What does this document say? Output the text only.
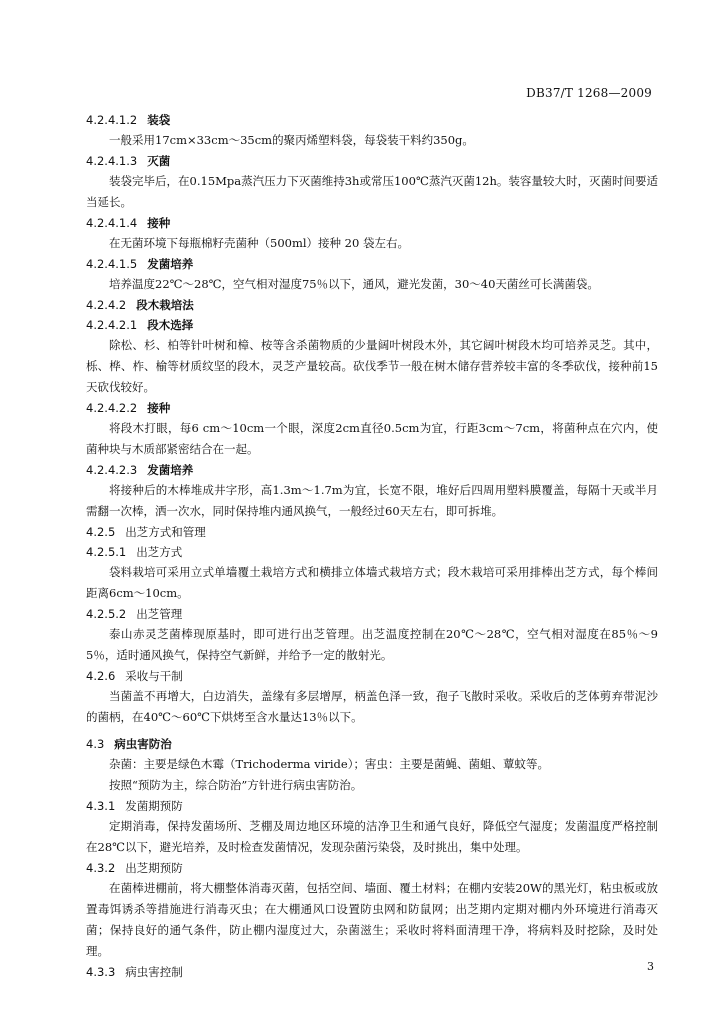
DB37/T 1268—2009
4.2.4.1.2 装袋
一般采用17cm×33cm～35cm的聚丙烯塑料袋，每袋装干料约350g。
4.2.4.1.3 灭菌
装袋完毕后，在0.15Mpa蒸汽压力下灭菌维持3h或常压100℃蒸汽灭菌12h。装容量较大时，灭菌时间要适当延长。
4.2.4.1.4 接种
在无菌环境下每瓶棉籽壳菌种（500ml）接种 20 袋左右。
4.2.4.1.5 发菌培养
培养温度22℃～28℃，空气相对湿度75％以下，通风，避光发菌，30～40天菌丝可长满菌袋。
4.2.4.2 段木栽培法
4.2.4.2.1 段木选择
除松、杉、柏等针叶树和樟、桉等含杀菌物质的少量阔叶树段木外，其它阔叶树段木均可培养灵芝。其中，栎、桦、柞、榆等材质纹坚的段木，灵芝产量较高。砍伐季节一般在树木储存营养较丰富的冬季砍伐，接种前15天砍伐较好。
4.2.4.2.2 接种
将段木打眼，每6 cm～10cm一个眼，深度2cm直径0.5cm为宜，行距3cm～7cm，将菌种点在穴内，使菌种块与木质部紧密结合在一起。
4.2.4.2.3 发菌培养
将接种后的木棒堆成井字形，高1.3m～1.7m为宜，长宽不限，堆好后四周用塑料膜覆盖，每隔十天或半月需翻一次棒，洒一次水，同时保持堆内通风换气，一般经过60天左右，即可拆堆。
4.2.5 出芝方式和管理
4.2.5.1 出芝方式
袋料栽培可采用立式单墙覆土栽培方式和横排立体墙式栽培方式；段木栽培可采用排棒出芝方式，每个棒间距离6cm～10cm。
4.2.5.2 出芝管理
泰山赤灵芝菌棒现原基时，即可进行出芝管理。出芝温度控制在20℃～28℃，空气相对湿度在85％～95％，适时通风换气，保持空气新鲜，并给予一定的散射光。
4.2.6 采收与干制
当菌盖不再增大，白边消失，盖缘有多层增厚，柄盖色泽一致，孢子飞散时采收。采收后的芝体剪弃带泥沙的菌柄，在40℃～60℃下烘烤至含水量达13％以下。
4.3 病虫害防治
杂菌：主要是绿色木霉（Trichoderma viride）；害虫：主要是菌蝇、菌蛆、蕈蚊等。
按照“预防为主，综合防治”方针进行病虫害防治。
4.3.1 发菌期预防
定期消毒，保持发菌场所、芝棚及周边地区环境的洁净卫生和通气良好，降低空气湿度；发菌温度严格控制在28℃以下，避光培养，及时检查发菌情况，发现杂菌污染袋，及时挑出，集中处理。
4.3.2 出芝期预防
在菌棒进棚前，将大棚整体消毒灭菌，包括空间、墙面、覆土材料；在棚内安装20W的黑光灯，粘虫板或放置毒饵诱杀等措施进行消毒灭虫；在大棚通风口设置防虫网和防鼠网；出芝期内定期对棚内外环境进行消毒灭菌；保持良好的通气条件，防止棚内湿度过大，杂菌滋生；采收时将料面清理干净，将病料及时挖除，及时处理。
4.3.3 病虫害控制	3
